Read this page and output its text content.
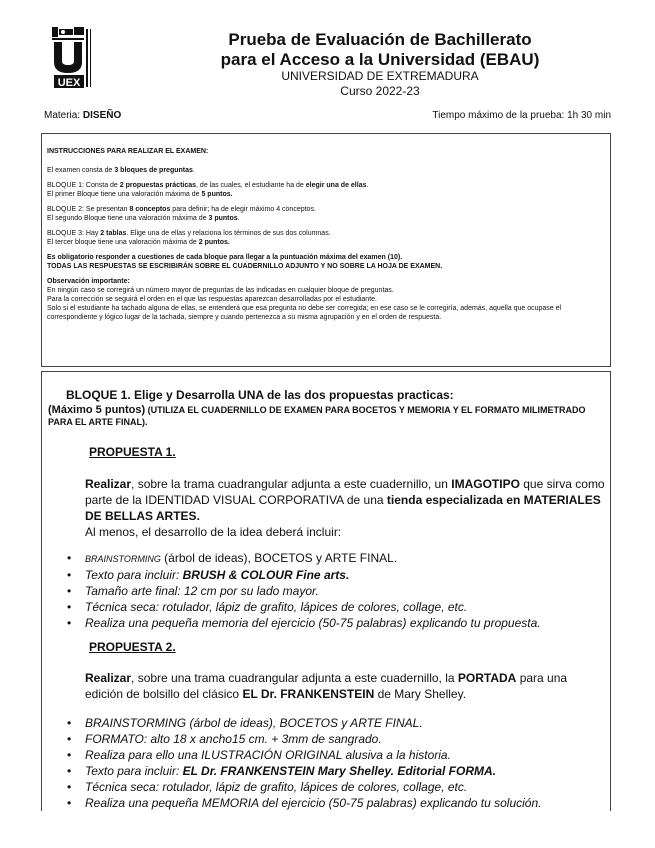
UEX
Prueba de Evaluación de Bachillerato
para el Acceso a la Universidad (EBAU)
UNIVERSIDAD DE EXTREMADURA
Curso 2022-23
Materia: DISEÑO	Tiempo máximo de la prueba: 1h 30 min

INSTRUCCIONES PARA REALIZAR EL EXAMEN:

El examen consta de 3 bloques de preguntas.

BLOQUE 1: Consta de 2 propuestas prácticas, de las cuales, el estudiante ha de elegir una de ellas.
El primer Bloque tiene una valoración máxima de 5 puntos.

BLOQUE 2: Se presentan 8 conceptos para definir; ha de elegir máximo 4 conceptos.
El segundo Bloque tiene una valoración máxima de 3 puntos.

BLOQUE 3: Hay 2 tablas. Elige una de ellas y relaciona los términos de sus dos columnas.
El tercer bloque tiene una valoración máxima de 2 puntos.

Es obligatorio responder a cuestiones de cada bloque para llegar a la puntuación máxima del examen (10).
TODAS LAS RESPUESTAS SE ESCRIBIRÁN SOBRE EL CUADERNILLO ADJUNTO Y NO SOBRE LA HOJA DE EXAMEN.

Observación importante:
En ningún caso se corregirá un número mayor de preguntas de las indicadas en cualquier bloque de preguntas.
Para la corrección se seguirá el orden en el que las respuestas aparezcan desarrolladas por el estudiante.
Solo si el estudiante ha tachado alguna de ellas, se entenderá que esa pregunta no debe ser corregida; en ese caso se le corregiría, además, aquella que ocupase el correspondiente y lógico lugar de la tachada, siempre y cuando pertenezca a su misma agrupación y en el orden de respuesta.

BLOQUE 1. Elige y Desarrolla UNA de las dos propuestas practicas:
(Máximo 5 puntos) (UTILIZA EL CUADERNILLO DE EXAMEN PARA BOCETOS Y MEMORIA Y EL FORMATO MILIMETRADO PARA EL ARTE FINAL).
PROPUESTA 1.
Realizar, sobre la trama cuadrangular adjunta a este cuadernillo, un IMAGOTIPO que sirva como parte de la IDENTIDAD VISUAL CORPORATIVA de una tienda especializada en MATERIALES DE BELLAS ARTES.
Al menos, el desarrollo de la idea deberá incluir:
• BRAINSTORMING (árbol de ideas), BOCETOS y ARTE FINAL.
• Texto para incluir: BRUSH & COLOUR Fine arts.
• Tamaño arte final: 12 cm por su lado mayor.
• Técnica seca: rotulador, lápiz de grafito, lápices de colores, collage, etc.
• Realiza una pequeña memoria del ejercicio (50-75 palabras) explicando tu propuesta.
PROPUESTA 2.
Realizar, sobre una trama cuadrangular adjunta a este cuadernillo, la PORTADA para una edición de bolsillo del clásico EL Dr. FRANKENSTEIN de Mary Shelley.
• BRAINSTORMING (árbol de ideas), BOCETOS y ARTE FINAL.
• FORMATO: alto 18 x ancho15 cm. + 3mm de sangrado.
• Realiza para ello una ILUSTRACIÓN ORIGINAL alusiva a la historia.
• Texto para incluir: EL Dr. FRANKENSTEIN Mary Shelley. Editorial FORMA.
• Técnica seca: rotulador, lápiz de grafito, lápices de colores, collage, etc.
• Realiza una pequeña MEMORIA del ejercicio (50-75 palabras) explicando tu solución.
